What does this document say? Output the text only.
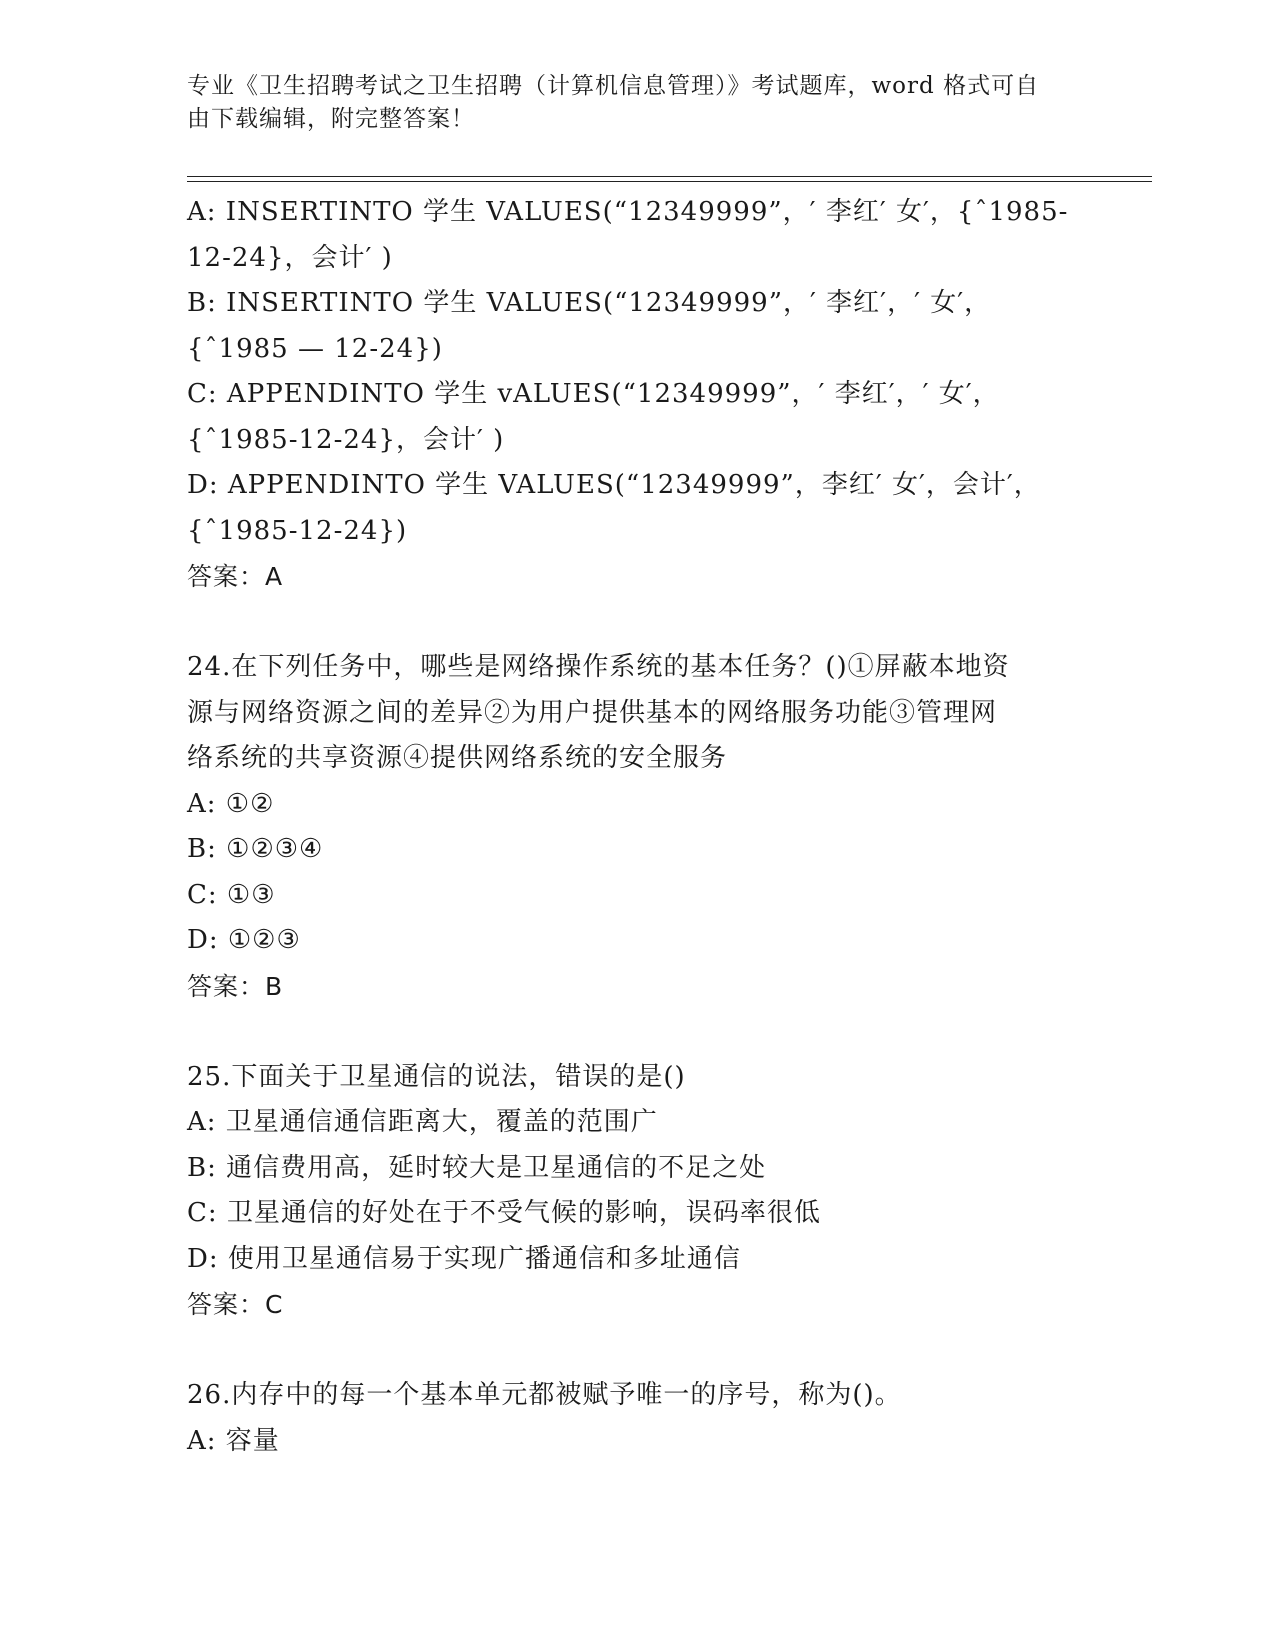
专业《卫生招聘考试之卫生招聘（计算机信息管理）》考试题库，word 格式可自
由下载编辑，附完整答案！
A: INSERTINTO 学生 VALUES(“12349999”，′ 李红′ 女′，{ˆ1985-
12-24}，会计′ )
B: INSERTINTO 学生 VALUES(“12349999”，′ 李红′，′ 女′，
{ˆ1985 — 12-24})
C: APPENDINTO 学生 vALUES(“12349999”，′ 李红′，′ 女′，
{ˆ1985-12-24}，会计′ )
D: APPENDINTO 学生 VALUES(“12349999”，李红′ 女′，会计′，
{ˆ1985-12-24})
答案：A
24.在下列任务中，哪些是网络操作系统的基本任务？()①屏蔽本地资
源与网络资源之间的差异②为用户提供基本的网络服务功能③管理网
络系统的共享资源④提供网络系统的安全服务
A: ①②
B: ①②③④
C: ①③
D: ①②③
答案：B
25.下面关于卫星通信的说法，错误的是()
A: 卫星通信通信距离大，覆盖的范围广
B: 通信费用高，延时较大是卫星通信的不足之处
C: 卫星通信的好处在于不受气候的影响，误码率很低
D: 使用卫星通信易于实现广播通信和多址通信
答案：C
26.内存中的每一个基本单元都被赋予唯一的序号，称为()。
A: 容量
